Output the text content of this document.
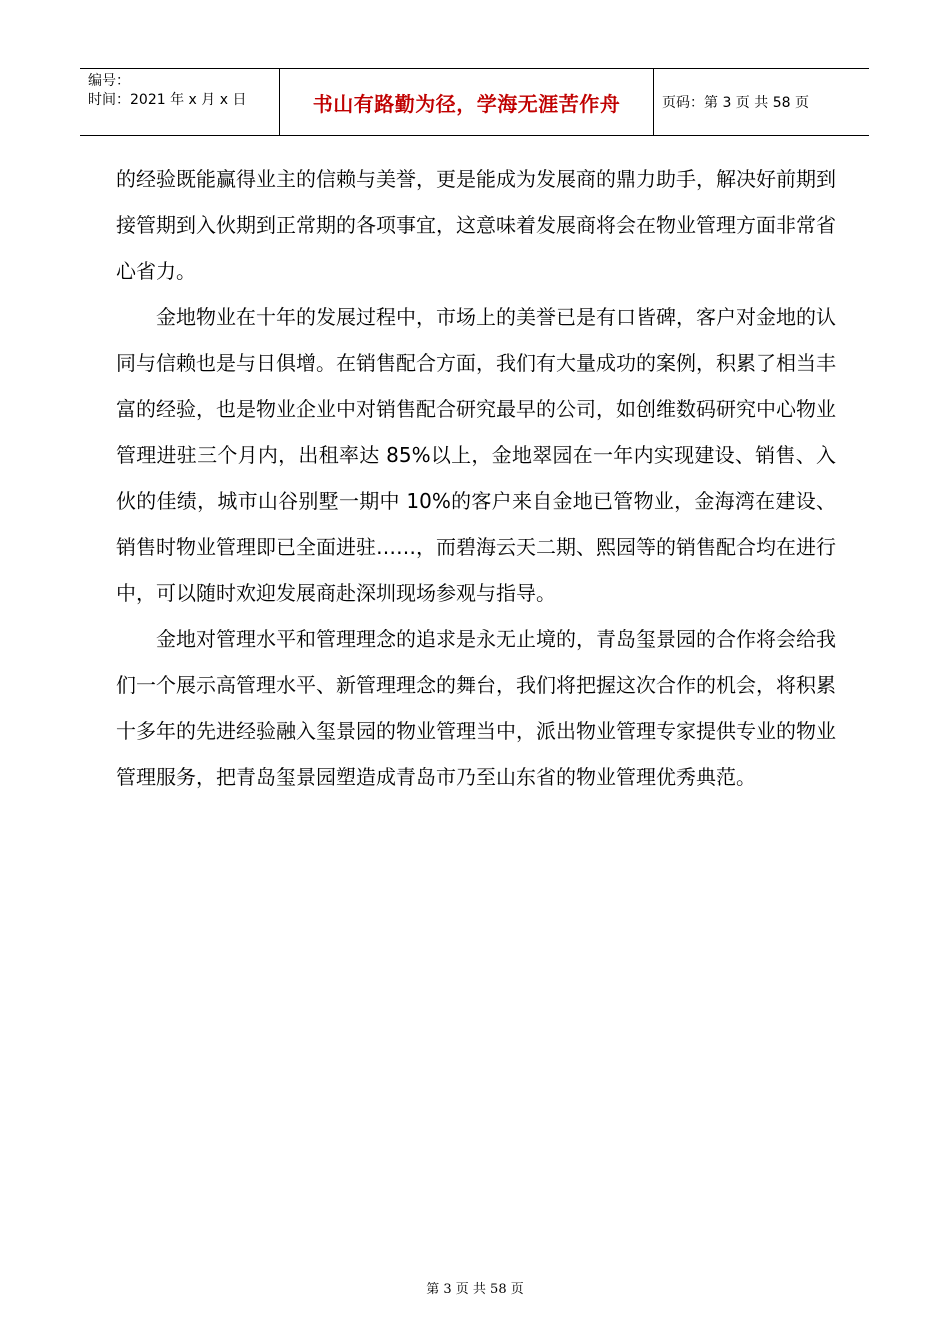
编号：
时间：2021 年 x 月 x 日	书山有路勤为径，学海无涯苦作舟	页码：第 3 页 共 58 页

的经验既能赢得业主的信赖与美誉，更是能成为发展商的鼎力助手，解决好前期到接管期到入伙期到正常期的各项事宜，这意味着发展商将会在物业管理方面非常省心省力。

金地物业在十年的发展过程中，市场上的美誉已是有口皆碑，客户对金地的认同与信赖也是与日俱增。在销售配合方面，我们有大量成功的案例，积累了相当丰富的经验，也是物业企业中对销售配合研究最早的公司，如创维数码研究中心物业管理进驻三个月内，出租率达 85%以上，金地翠园在一年内实现建设、销售、入伙的佳绩，城市山谷别墅一期中 10%的客户来自金地已管物业，金海湾在建设、销售时物业管理即已全面进驻……，而碧海云天二期、熙园等的销售配合均在进行中，可以随时欢迎发展商赴深圳现场参观与指导。

金地对管理水平和管理理念的追求是永无止境的，青岛玺景园的合作将会给我们一个展示高管理水平、新管理理念的舞台，我们将把握这次合作的机会，将积累十多年的先进经验融入玺景园的物业管理当中，派出物业管理专家提供专业的物业管理服务，把青岛玺景园塑造成青岛市乃至山东省的物业管理优秀典范。

第 3 页 共 58 页
